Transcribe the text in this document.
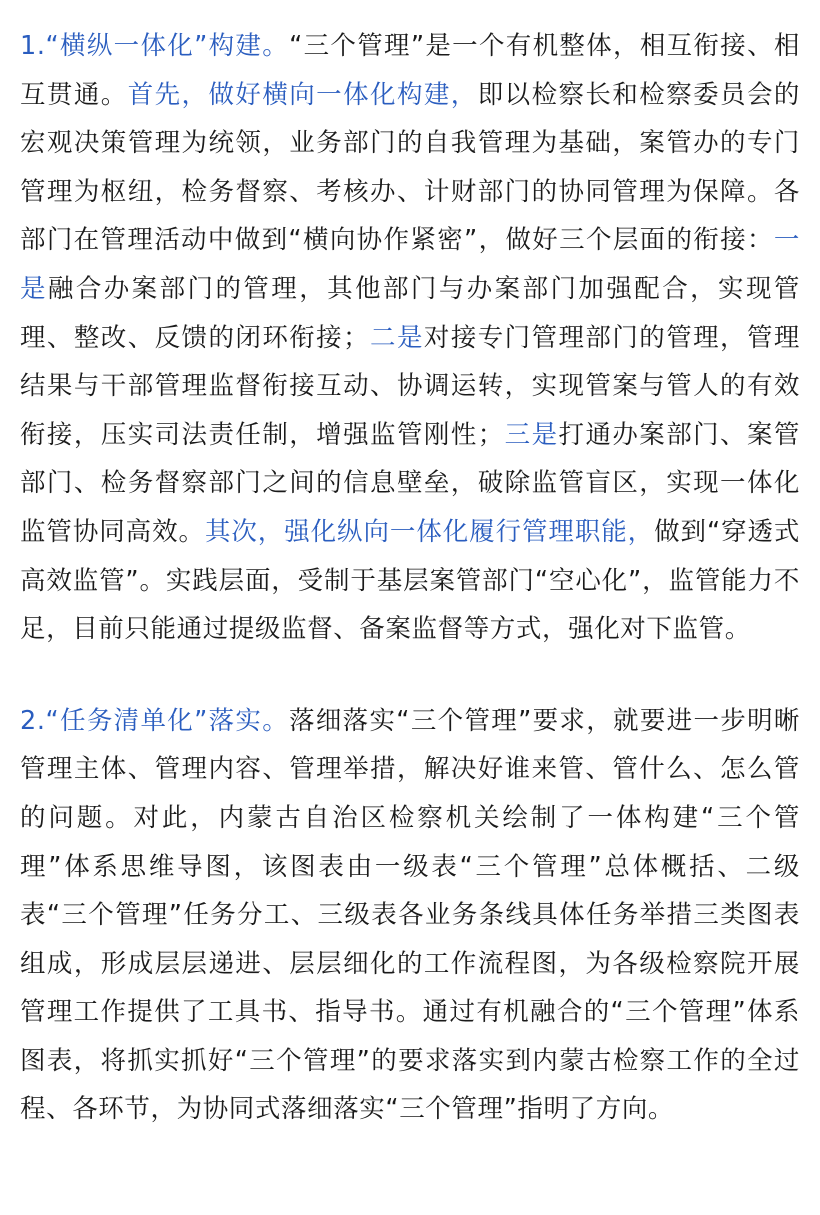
1.“横纵一体化”构建。“三个管理”是一个有机整体，相互衔接、相互贯通。首先，做好横向一体化构建，即以检察长和检察委员会的宏观决策管理为统领，业务部门的自我管理为基础，案管办的专门管理为枢纽，检务督察、考核办、计财部门的协同管理为保障。各部门在管理活动中做到“横向协作紧密”，做好三个层面的衔接：一是融合办案部门的管理，其他部门与办案部门加强配合，实现管理、整改、反馈的闭环衔接；二是对接专门管理部门的管理，管理结果与干部管理监督衔接互动、协调运转，实现管案与管人的有效衔接，压实司法责任制，增强监管刚性；三是打通办案部门、案管部门、检务督察部门之间的信息壁垒，破除监管盲区，实现一体化监管协同高效。其次，强化纵向一体化履行管理职能，做到“穿透式高效监管”。实践层面，受制于基层案管部门“空心化”，监管能力不足，目前只能通过提级监督、备案监督等方式，强化对下监管。

2.“任务清单化”落实。落细落实“三个管理”要求，就要进一步明晰管理主体、管理内容、管理举措，解决好谁来管、管什么、怎么管的问题。对此，内蒙古自治区检察机关绘制了一体构建“三个管理”体系思维导图，该图表由一级表“三个管理”总体概括、二级表“三个管理”任务分工、三级表各业务条线具体任务举措三类图表组成，形成层层递进、层层细化的工作流程图，为各级检察院开展管理工作提供了工具书、指导书。通过有机融合的“三个管理”体系图表，将抓实抓好“三个管理”的要求落实到内蒙古检察工作的全过程、各环节，为协同式落细落实“三个管理”指明了方向。
